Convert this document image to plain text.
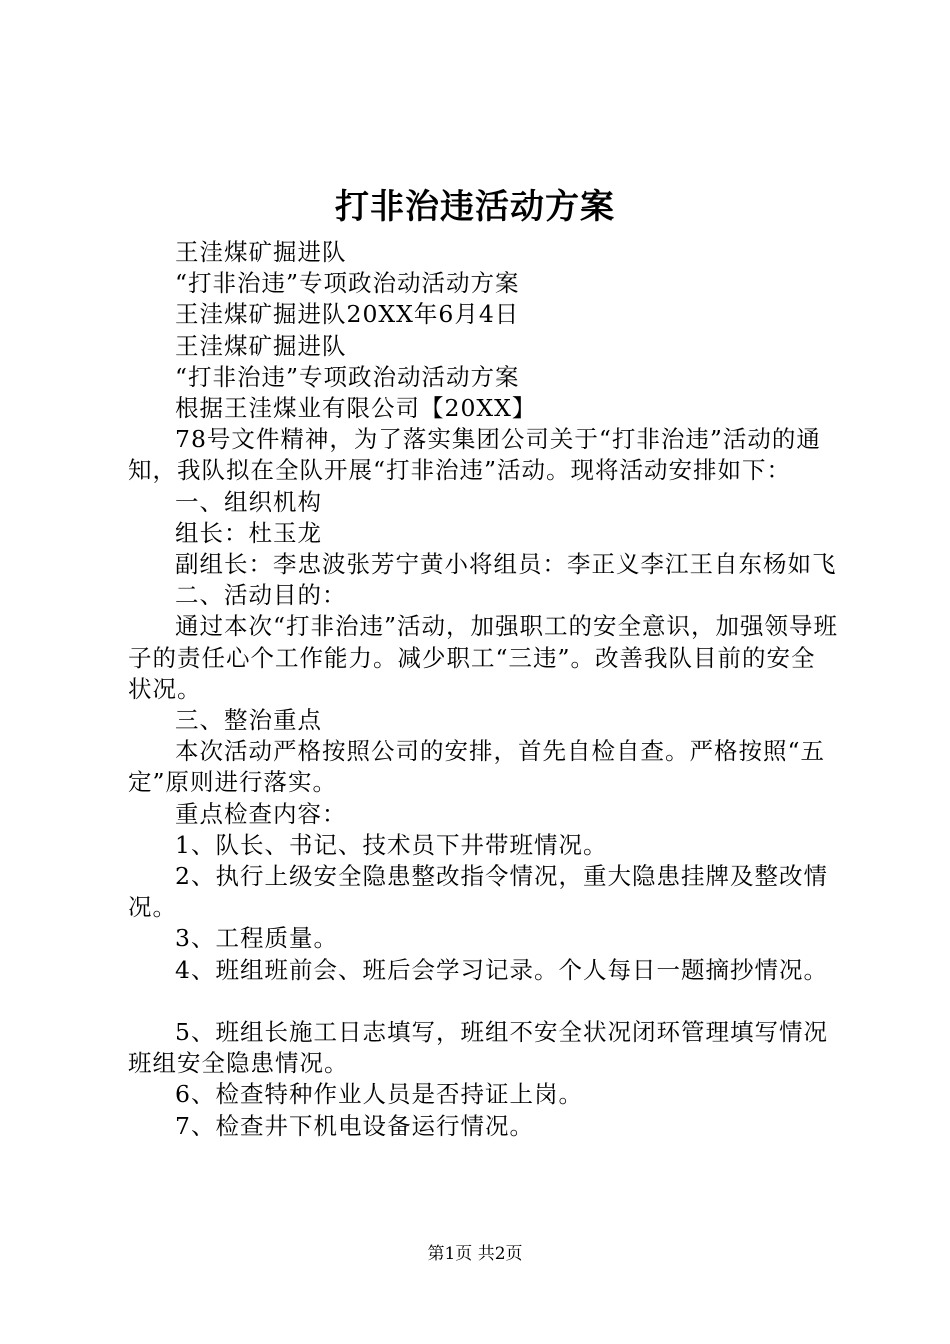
打非治违活动方案

王洼煤矿掘进队

“打非治违”专项政治动活动方案

王洼煤矿掘进队20XX年6月4日

王洼煤矿掘进队

“打非治违”专项政治动活动方案

根据王洼煤业有限公司【20XX】

78号文件精神，为了落实集团公司关于“打非治违”活动的通知，我队拟在全队开展“打非治违”活动。现将活动安排如下：

一、组织机构

组长：杜玉龙

副组长：李忠波张芳宁黄小将组员：李正义李江王自东杨如飞

二、活动目的：

通过本次“打非治违”活动，加强职工的安全意识，加强领导班子的责任心个工作能力。减少职工“三违”。改善我队目前的安全状况。

三、整治重点

本次活动严格按照公司的安排，首先自检自查。严格按照“五定”原则进行落实。

重点检查内容：

1、队长、书记、技术员下井带班情况。

2、执行上级安全隐患整改指令情况，重大隐患挂牌及整改情况。

3、工程质量。

4、班组班前会、班后会学习记录。个人每日一题摘抄情况。

5、班组长施工日志填写，班组不安全状况闭环管理填写情况班组安全隐患情况。

6、检查特种作业人员是否持证上岗。

7、检查井下机电设备运行情况。

第1页 共2页
